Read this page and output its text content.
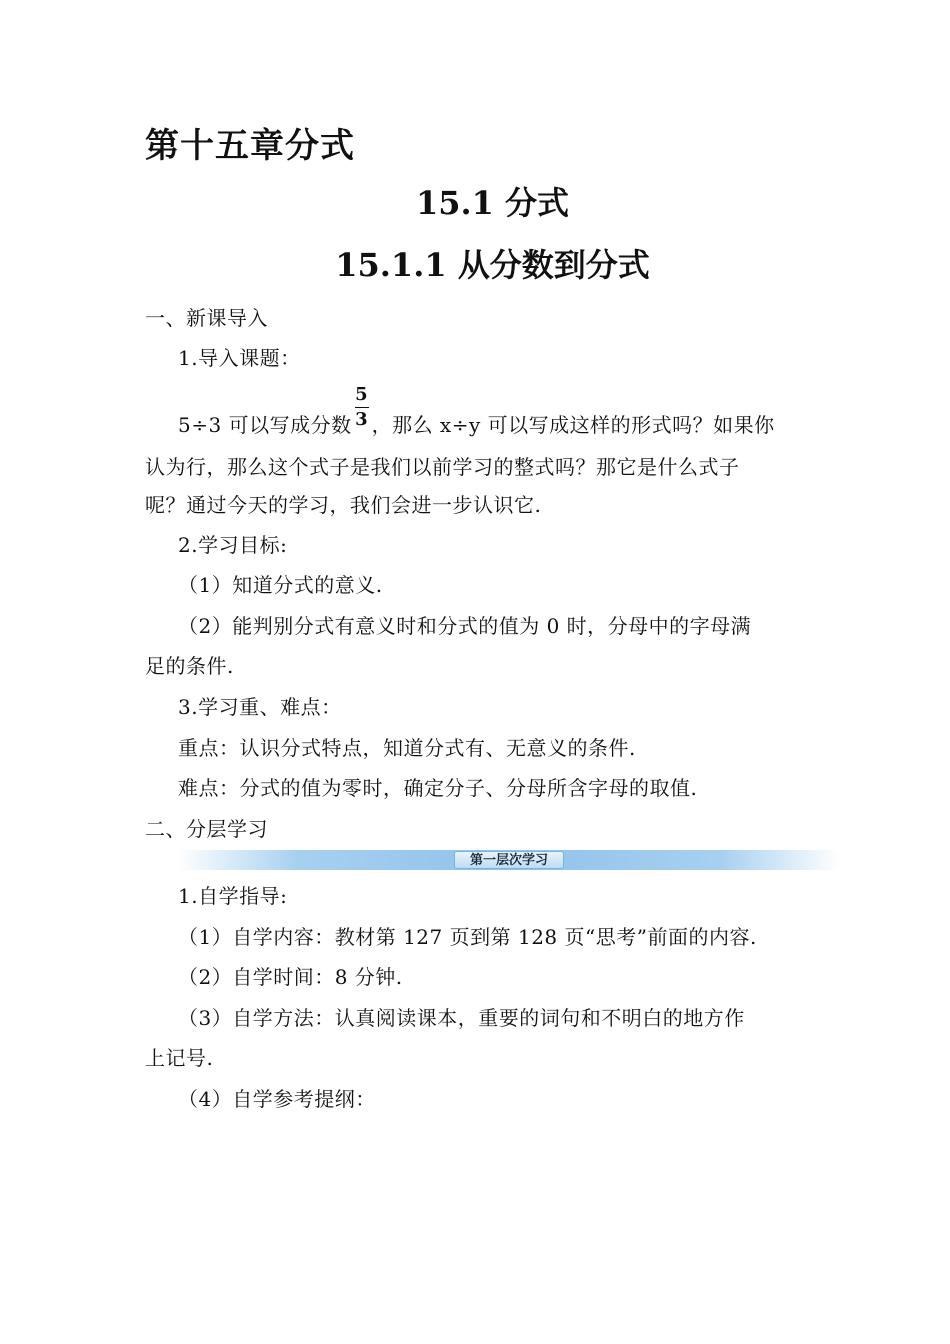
第十五章分式
15.1 分式
15.1.1 从分数到分式
一、新课导入
1.导入课题：
5÷3 可以写成分数 $\frac{5}{3}$ ，那么 x÷y 可以写成这样的形式吗？如果你
认为行，那么这个式子是我们以前学习的整式吗？那它是什么式子
呢？通过今天的学习，我们会进一步认识它.
2.学习目标:
（1）知道分式的意义.
（2）能判别分式有意义时和分式的值为 0 时，分母中的字母满
足的条件.
3.学习重、难点：
重点：认识分式特点，知道分式有、无意义的条件.
难点：分式的值为零时，确定分子、分母所含字母的取值.
二、分层学习
第一层次学习
1.自学指导:
（1）自学内容：教材第 127 页到第 128 页“思考”前面的内容.
（2）自学时间：8 分钟.
（3）自学方法：认真阅读课本，重要的词句和不明白的地方作
上记号.
（4）自学参考提纲：
